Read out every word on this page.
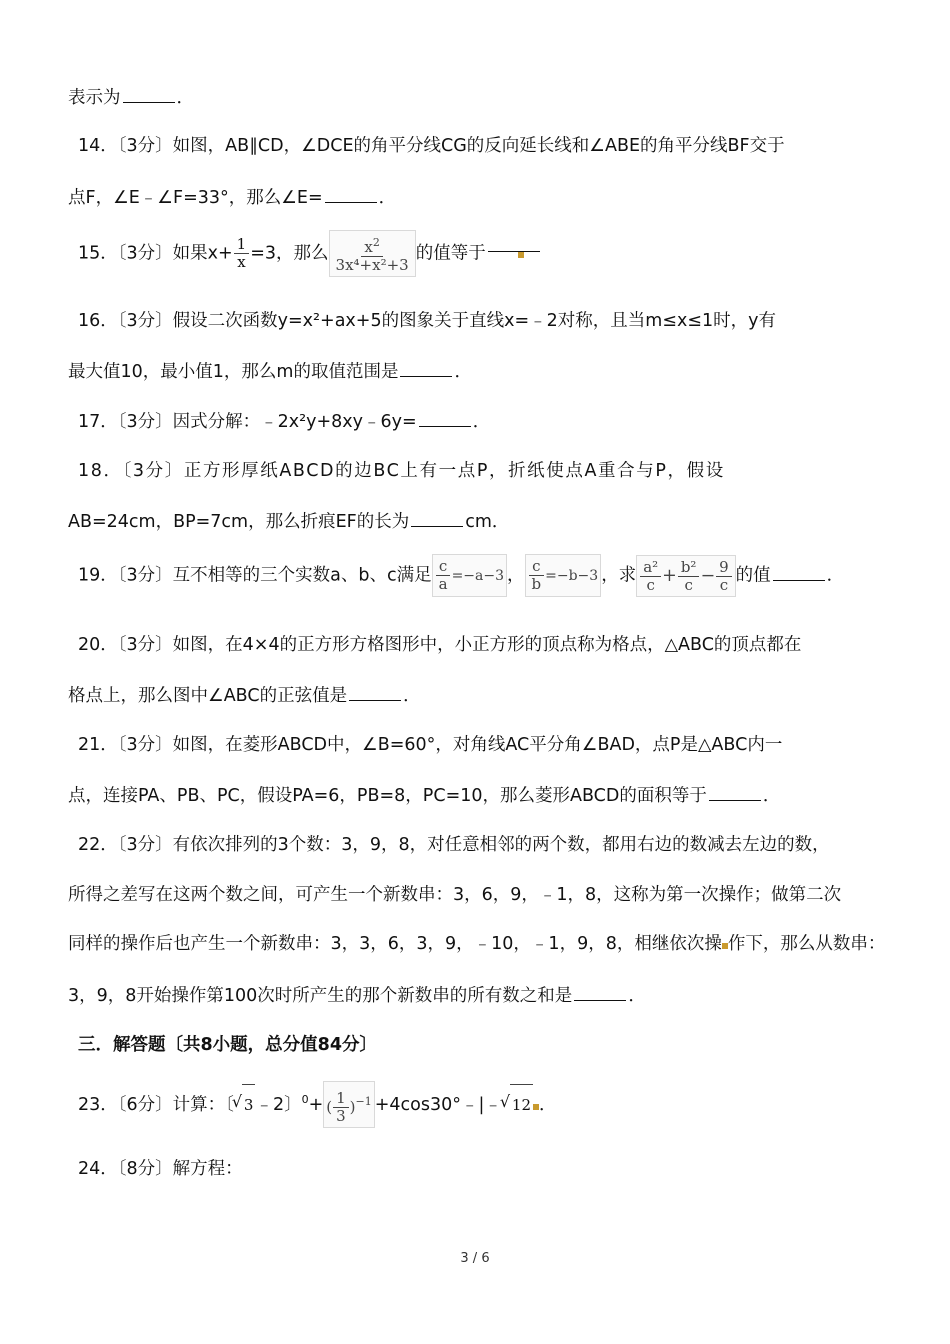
表示为	．
14．〔3分〕如图，AB∥CD，∠DCE的角平分线CG的反向延长线和∠ABE的角平分线BF交于
点F，∠E﹣∠F=33°，那么∠E=	．
15．〔3分〕如果$x+ \frac{1}{x} =3$，那么 $\frac{x^2}{\text{3x⁴+x²+3}}$ 的值等于
16．〔3分〕假设二次函数y=x²+ax+5的图象关于直线x=﹣2对称，且当m≤x≤1时，y有
最大值10，最小值1，那么m的取值范围是	．
17．〔3分〕因式分解：﹣2x²y+8xy﹣6y=	．
18．〔3分〕正方形厚纸ABCD的边BC上有一点P，折纸使点A重合与P，假设
AB=24cm，BP=7cm，那么折痕EF的长为	cm．
19．〔3分〕互不相等的三个实数a、b、c满足 $\frac{c}{a} =-a-3$ ， $\frac{c}{b} =-b-3$ ，求 $\frac{\text{a²}}{c} + \frac{\text{b²}}{c} - \frac{9}{c}$ 的值	．
20．〔3分〕如图，在4×4的正方形方格图形中，小正方形的顶点称为格点，△ABC的顶点都在
格点上，那么图中∠ABC的正弦值是	．
21．〔3分〕如图，在菱形ABCD中，∠B=60°，对角线AC平分角∠BAD，点P是△ABC内一
点，连接PA、PB、PC，假设PA=6，PB=8，PC=10，那么菱形ABCD的面积等于	．
22．〔3分〕有依次排列的3个数：3，9，8，对任意相邻的两个数，都用右边的数减去左边的数，
所得之差写在这两个数之间，可产生一个新数串：3，6，9，﹣1，8，这称为第一次操作；做第二次
同样的操作后也产生一个新数串：3，3，6，3，9，﹣10，﹣1，9，8，相继依次操 作下，那么从数串：
3，9，8开始操作第100次时所产生的那个新数串的所有数之和是	．
三．解答题〔共8小题，总分值84分〕
23．〔6分〕计算：〔 √ 3 ﹣2〕$^0$+ ( $\frac{1}{3} )^{-1}$ +4cos30°﹣|﹣ √ 12 ．
24．〔8分〕解方程：
3 / 6
